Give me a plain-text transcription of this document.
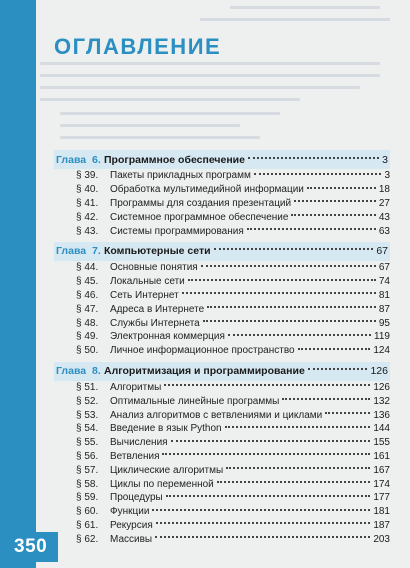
350
ОГЛАВЛЕНИЕ
Глава 6. Программное обеспечение	3
§ 39.	Пакеты прикладных программ	3
§ 40.	Обработка мультимедийной информации	18
§ 41.	Программы для создания презентаций	27
§ 42.	Системное программное обеспечение	43
§ 43.	Системы программирования	63
Глава 7. Компьютерные сети	67
§ 44.	Основные понятия	67
§ 45.	Локальные сети	74
§ 46.	Сеть Интернет	81
§ 47.	Адреса в Интернете	87
§ 48.	Службы Интернета	95
§ 49.	Электронная коммерция	119
§ 50.	Личное информационное пространство	124
Глава 8. Алгоритмизация и программирование	126
§ 51.	Алгоритмы	126
§ 52.	Оптимальные линейные программы	132
§ 53.	Анализ алгоритмов с ветвлениями и циклами	136
§ 54.	Введение в язык Python	144
§ 55.	Вычисления	155
§ 56.	Ветвления	161
§ 57.	Циклические алгоритмы	167
§ 58.	Циклы по переменной	174
§ 59.	Процедуры	177
§ 60.	Функции	181
§ 61.	Рекурсия	187
§ 62.	Массивы	203
